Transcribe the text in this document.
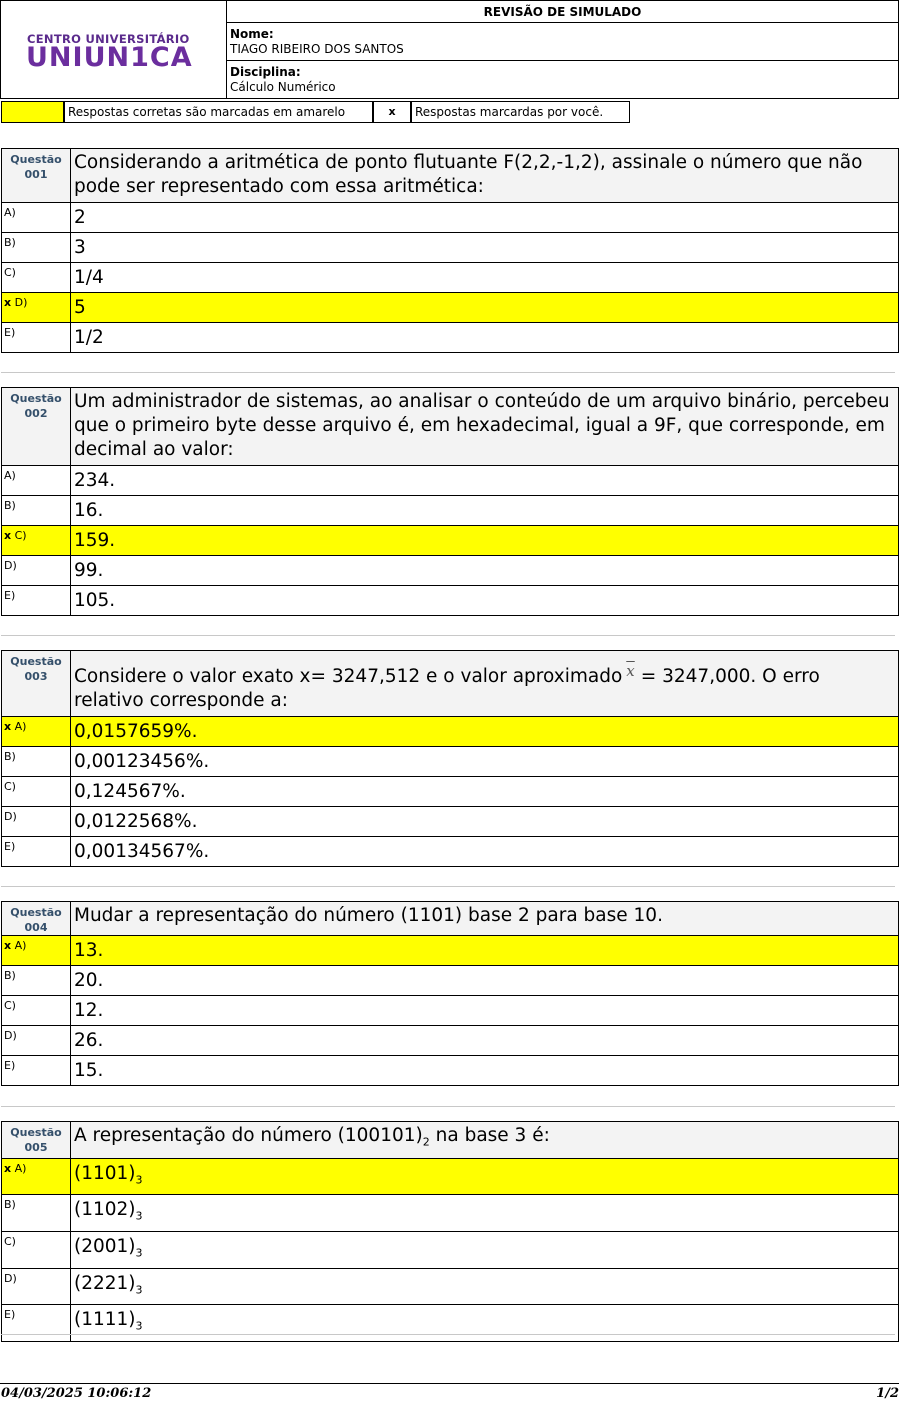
CENTRO UNIVERSITÁRIO
UNIUN1CA
REVISÃO DE SIMULADO
Nome:
TIAGO RIBEIRO DOS SANTOS
Disciplina:
Cálculo Numérico
Respostas corretas são marcadas em amarelo	x	Respostas marcardas por você.
Questão
001	Considerando a aritmética de ponto flutuante F(2,2,-1,2), assinale o número que não pode ser representado com essa aritmética:
A)	2
B)	3
C)	1/4
x D)	5
E)	1/2
Questão
002	Um administrador de sistemas, ao analisar o conteúdo de um arquivo binário, percebeu que o primeiro byte desse arquivo é, em hexadecimal, igual a 9F, que corresponde, em decimal ao valor:
A)	234.
B)	16.
x C)	159.
D)	99.
E)	105.
Questão
003	Considere o valor exato x= 3247,512 e o valor aproximado $\overline{x} = 3247,000$. O erro relativo corresponde a:
x A)	0,0157659%.
B)	0,00123456%.
C)	0,124567%.
D)	0,0122568%.
E)	0,00134567%.
Questão
004	Mudar a representação do número (1101) base 2 para base 10.
x A)	13.
B)	20.
C)	12.
D)	26.
E)	15.
Questão
005	A representação do número $(100101)_2$ na base 3 é:
x A)	$(1101)_3$
B)	$(1102)_3$
C)	$(2001)_3$
D)	$(2221)_3$
E)	$(1111)_3$
04/03/2025 10:06:12	1/2
